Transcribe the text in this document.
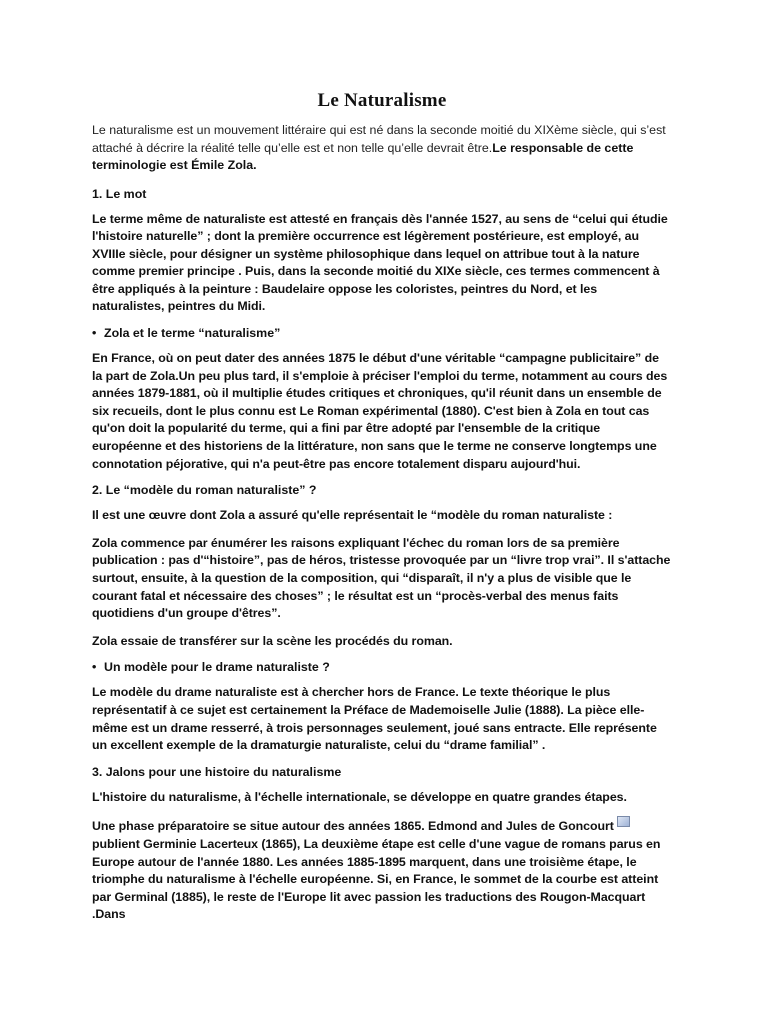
Le Naturalisme

Le naturalisme est un mouvement littéraire qui est né dans la seconde moitié du XIXème siècle, qui s’est attaché à décrire la réalité telle qu’elle est et non telle qu’elle devrait être.Le responsable de cette terminologie est Émile Zola.

1. Le mot

Le terme même de naturaliste est attesté en français dès l'année 1527, au sens de “celui qui étudie l'histoire naturelle” ; dont la première occurrence est légèrement postérieure, est employé, au XVIIIe siècle, pour désigner un système philosophique dans lequel on attribue tout à la nature comme premier principe . Puis, dans la seconde moitié du XIXe siècle, ces termes commencent à être appliqués à la peinture : Baudelaire oppose les coloristes, peintres du Nord, et les naturalistes, peintres du Midi.

• Zola et le terme “naturalisme”

En France, où on peut dater des années 1875 le début d'une véritable “campagne publicitaire” de la part de Zola.Un peu plus tard, il s'emploie à préciser l'emploi du terme, notamment au cours des années 1879-1881, où il multiplie études critiques et chroniques, qu'il réunit dans un ensemble de six recueils, dont le plus connu est Le Roman expérimental (1880). C'est bien à Zola en tout cas qu'on doit la popularité du terme, qui a fini par être adopté par l'ensemble de la critique européenne et des historiens de la littérature, non sans que le terme ne conserve longtemps une connotation péjorative, qui n'a peut-être pas encore totalement disparu aujourd'hui.

2. Le “modèle du roman naturaliste” ?

Il est une œuvre dont Zola a assuré qu'elle représentait le “modèle du roman naturaliste :

Zola commence par énumérer les raisons expliquant l'échec du roman lors de sa première publication : pas d'“histoire”, pas de héros, tristesse provoquée par un “livre trop vrai”. Il s'attache surtout, ensuite, à la question de la composition, qui “disparaît, il n'y a plus de visible que le courant fatal et nécessaire des choses” ; le résultat est un “procès-verbal des menus faits quotidiens d'un groupe d'êtres”.

Zola essaie de transférer sur la scène les procédés du roman.

• Un modèle pour le drame naturaliste ?

Le modèle du drame naturaliste est à chercher hors de France. Le texte théorique le plus représentatif à ce sujet est certainement la Préface de Mademoiselle Julie (1888). La pièce elle-même est un drame resserré, à trois personnages seulement, joué sans entracte. Elle représente un excellent exemple de la dramaturgie naturaliste, celui du “drame familial” .

3. Jalons pour une histoire du naturalisme

L'histoire du naturalisme, à l'échelle internationale, se développe en quatre grandes étapes.

Une phase préparatoire se situe autour des années 1865. Edmond and Jules de Goncourt
publient Germinie Lacerteux (1865), La deuxième étape est celle d'une vague de romans parus en Europe autour de l'année 1880. Les années 1885-1895 marquent, dans une troisième étape, le triomphe du naturalisme à l'échelle européenne. Si, en France, le sommet de la courbe est atteint par Germinal (1885), le reste de l'Europe lit avec passion les traductions des Rougon-Macquart .Dans
